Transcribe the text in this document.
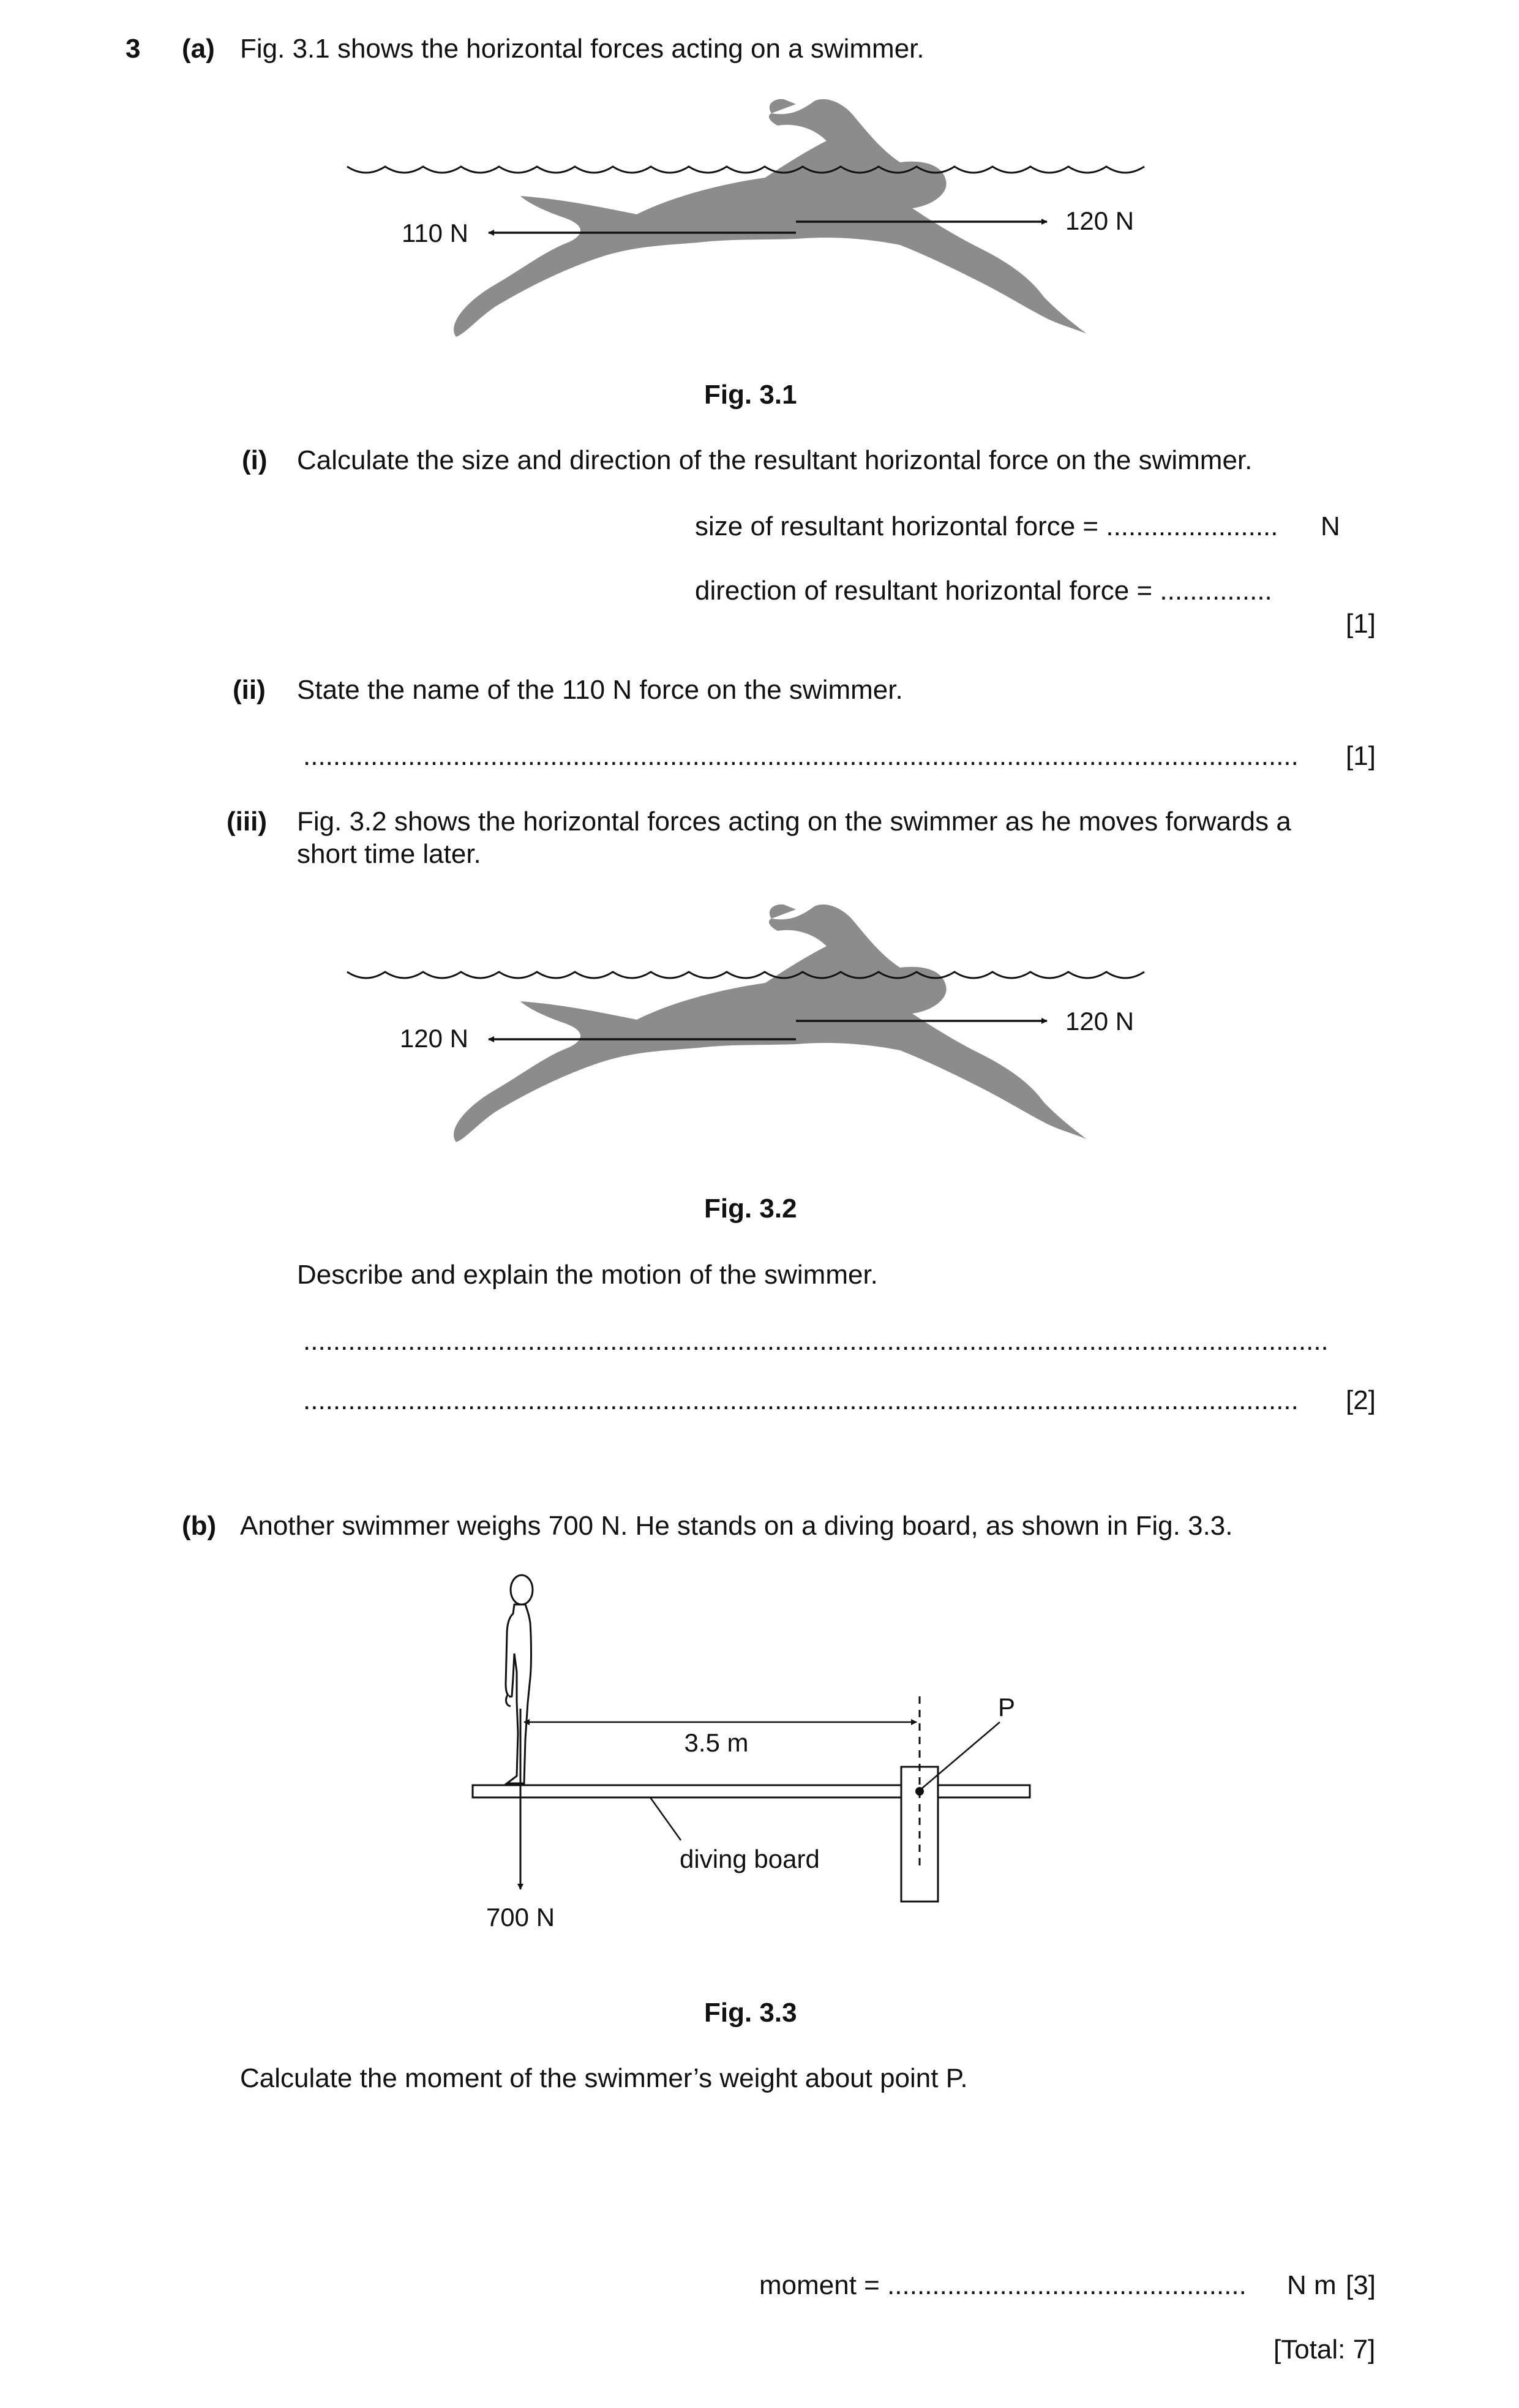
3 (a) Fig. 3.1 shows the horizontal forces acting on a swimmer.
110 N	120 N
Fig. 3.1
(i) Calculate the size and direction of the resultant horizontal force on the swimmer.
size of resultant horizontal force = ....................... N
direction of resultant horizontal force = ...............
[1]
(ii) State the name of the 110 N force on the swimmer.
..................................................................................................................................... [1]
(iii) Fig. 3.2 shows the horizontal forces acting on the swimmer as he moves forwards a
short time later.
120 N
120 N
Fig. 3.2
Describe and explain the motion of the swimmer.
.........................................................................................................................................
..................................................................................................................................... [2]
(b) Another swimmer weighs 700 N. He stands on a diving board, as shown in Fig. 3.3.
3.5 m
P
diving board
700 N
Fig. 3.3
Calculate the moment of the swimmer’s weight about point P.
moment = ................................................ N m [3]
[Total: 7]
